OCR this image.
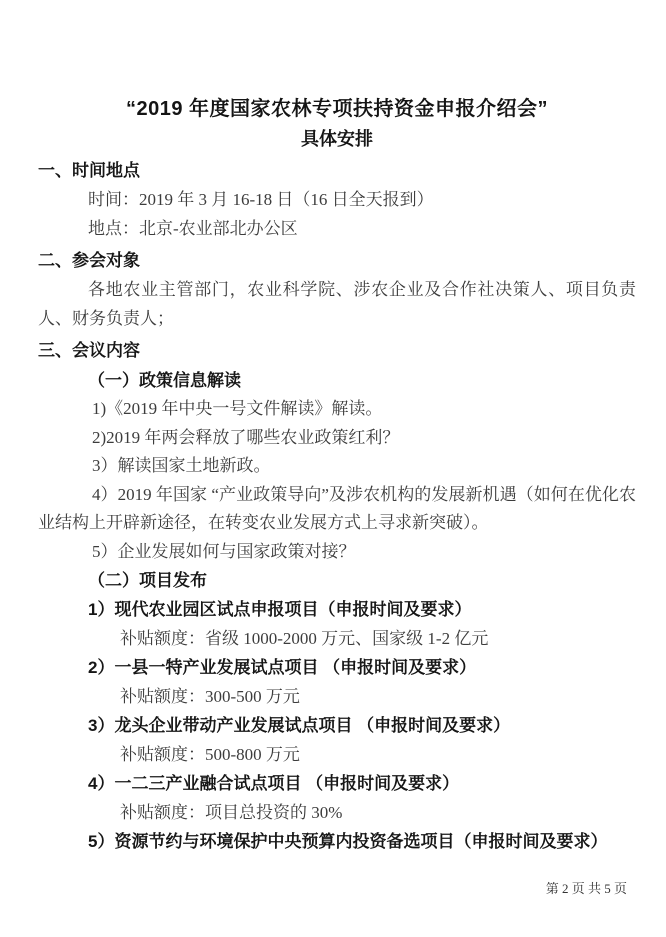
“2019 年度国家农林专项扶持资金申报介绍会”
具体安排
一、时间地点

时间：2019 年 3 月 16-18 日（16 日全天报到）

地点：北京-农业部北办公区

二、参会对象

各地农业主管部门，农业科学院、涉农企业及合作社决策人、项目负责人、财务负责人；

三、会议内容
（一）政策信息解读

1)《2019 年中央一号文件解读》解读。

2)2019 年两会释放了哪些农业政策红利？

3）解读国家土地新政。

4）2019 年国家 “产业政策导向”及涉农机构的发展新机遇（如何在优化农业结构上开辟新途径，在转变农业发展方式上寻求新突破）。

5）企业发展如何与国家政策对接？

（二）项目发布
1）现代农业园区试点申报项目（申报时间及要求）

补贴额度：省级 1000-2000 万元、国家级 1-2 亿元

2）一县一特产业发展试点项目 （申报时间及要求）

补贴额度：300-500 万元

3）龙头企业带动产业发展试点项目 （申报时间及要求）

补贴额度：500-800 万元

4）一二三产业融合试点项目 （申报时间及要求）

补贴额度：项目总投资的 30%

5）资源节约与环境保护中央预算内投资备选项目（申报时间及要求）
第 2 页 共 5 页
